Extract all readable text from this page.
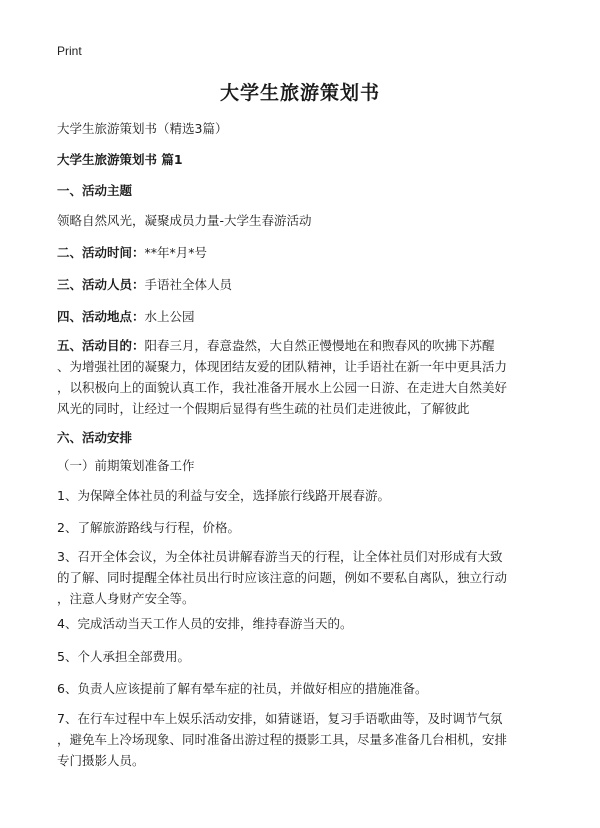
Print
大学生旅游策划书
大学生旅游策划书（精选3篇）
大学生旅游策划书 篇1
一、活动主题
领略自然风光，凝聚成员力量-大学生春游活动
二、活动时间：**年*月*号
三、活动人员：手语社全体人员
四、活动地点：水上公园
五、活动目的：阳春三月，春意盎然，大自然正慢慢地在和煦春风的吹拂下苏醒
、为增强社团的凝聚力，体现团结友爱的团队精神，让手语社在新一年中更具活力
，以积极向上的面貌认真工作，我社准备开展水上公园一日游、在走进大自然美好
风光的同时，让经过一个假期后显得有些生疏的社员们走进彼此，了解彼此
六、活动安排
（一）前期策划准备工作
1、为保障全体社员的利益与安全，选择旅行线路开展春游。
2、了解旅游路线与行程，价格。
3、召开全体会议，为全体社员讲解春游当天的行程，让全体社员们对形成有大致
的了解、同时提醒全体社员出行时应该注意的问题，例如不要私自离队，独立行动
，注意人身财产安全等。
4、完成活动当天工作人员的安排，维持春游当天的。
5、个人承担全部费用。
6、负责人应该提前了解有晕车症的社员，并做好相应的措施准备。
7、在行车过程中车上娱乐活动安排，如猜谜语，复习手语歌曲等，及时调节气氛
，避免车上冷场现象、同时准备出游过程的摄影工具，尽量多准备几台相机，安排
专门摄影人员。
